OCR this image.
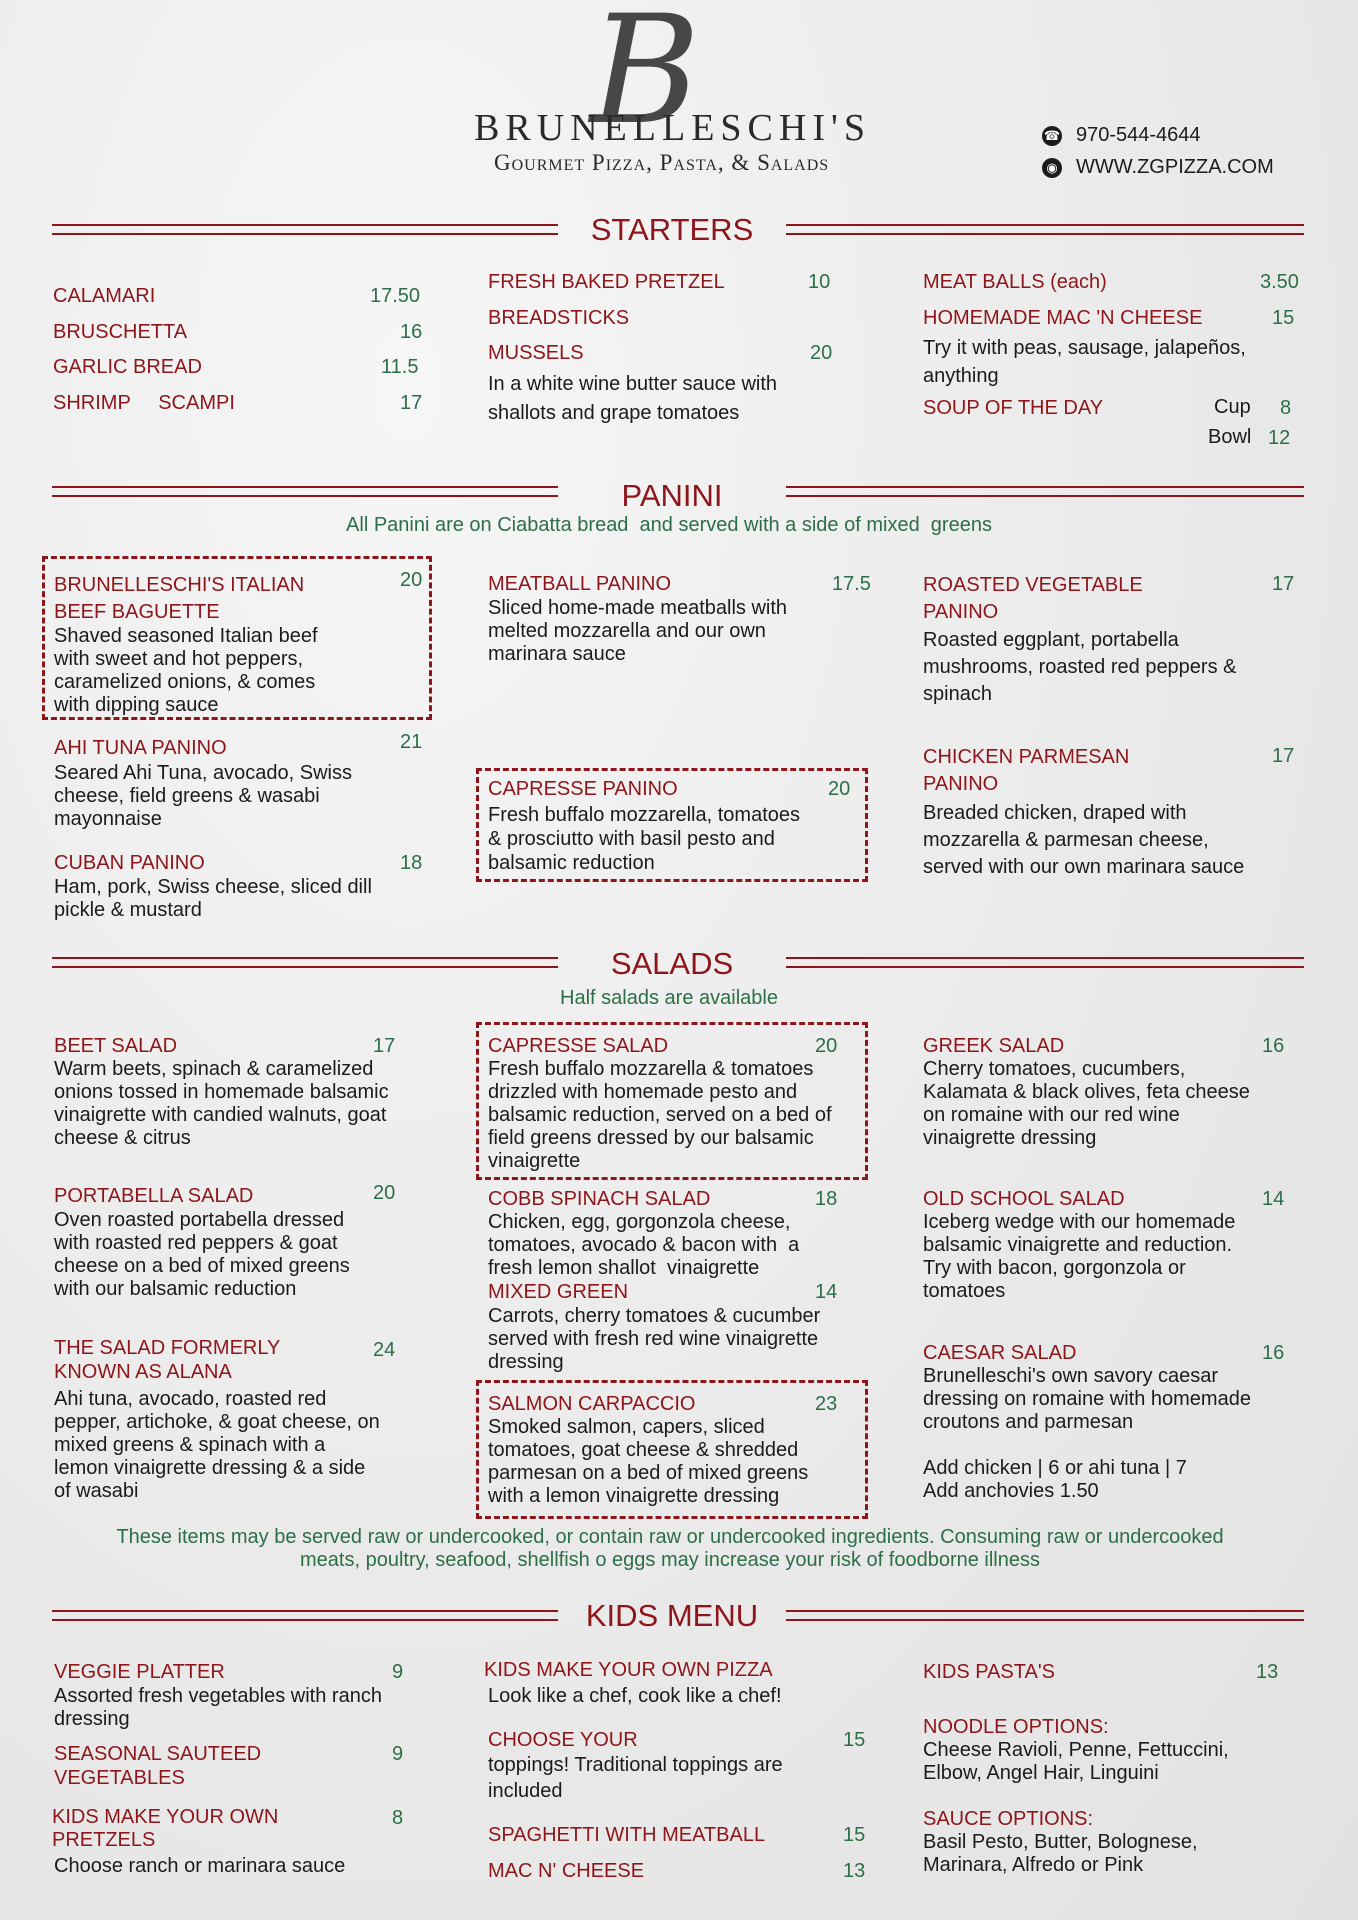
B
BRUNELLESCHI'S
Gourmet Pizza, Pasta, & Salads
☎ 970-544-4644
◉ WWW.ZGPIZZA.COM
STARTERS
CALAMARI	17.50
BRUSCHETTA	16
GARLIC BREAD	11.5
SHRIMP     SCAMPI	17
FRESH BAKED PRETZEL	10
BREADSTICKS
MUSSELS	20
In a white wine butter sauce with shallots and grape tomatoes
MEAT BALLS (each)	3.50
HOMEMADE MAC 'N CHEESE	15
Try it with peas, sausage, jalapeños, anything
SOUP OF THE DAY	Cup 8
Bowl 12
PANINI
All Panini are on Ciabatta bread  and served with a side of mixed  greens
BRUNELLESCHI'S ITALIAN BEEF BAGUETTE
20
Shaved seasoned Italian beef with sweet and hot peppers, caramelized onions, & comes with dipping sauce
AHI TUNA PANINO	21
Seared Ahi Tuna, avocado, Swiss cheese, field greens & wasabi mayonnaise
CUBAN PANINO	18
Ham, pork, Swiss cheese, sliced dill pickle & mustard
MEATBALL PANINO	17.5
Sliced home-made meatballs with melted mozzarella and our own marinara sauce
CAPRESSE PANINO	20
Fresh buffalo mozzarella, tomatoes & prosciutto with basil pesto and balsamic reduction
ROASTED VEGETABLE PANINO
17
Roasted eggplant, portabella mushrooms, roasted red peppers & spinach
CHICKEN PARMESAN PANINO
17
Breaded chicken, draped with mozzarella & parmesan cheese, served with our own marinara sauce
SALADS
Half salads are available
BEET SALAD	17
Warm beets, spinach & caramelized onions tossed in homemade balsamic vinaigrette with candied walnuts, goat cheese & citrus
PORTABELLA SALAD	20
Oven roasted portabella dressed with roasted red peppers & goat cheese on a bed of mixed greens with our balsamic reduction
THE SALAD FORMERLY KNOWN AS ALANA
24
Ahi tuna, avocado, roasted red pepper, artichoke, & goat cheese, on mixed greens & spinach with a lemon vinaigrette dressing & a side of wasabi
CAPRESSE SALAD	20
Fresh buffalo mozzarella & tomatoes drizzled with homemade pesto and balsamic reduction, served on a bed of field greens dressed by our balsamic vinaigrette
COBB SPINACH SALAD	18
Chicken, egg, gorgonzola cheese, tomatoes, avocado & bacon with  a fresh lemon shallot  vinaigrette
MIXED GREEN	14
Carrots, cherry tomatoes & cucumber served with fresh red wine vinaigrette dressing
SALMON CARPACCIO	23
Smoked salmon, capers, sliced tomatoes, goat cheese & shredded parmesan on a bed of mixed greens with a lemon vinaigrette dressing
GREEK SALAD	16
Cherry tomatoes, cucumbers, Kalamata & black olives, feta cheese on romaine with our red wine vinaigrette dressing
OLD SCHOOL SALAD	14
Iceberg wedge with our homemade balsamic vinaigrette and reduction. Try with bacon, gorgonzola or tomatoes
CAESAR SALAD	16
Brunelleschi's own savory caesar dressing on romaine with homemade croutons and parmesan
Add chicken | 6 or ahi tuna | 7
Add anchovies 1.50
These items may be served raw or undercooked, or contain raw or undercooked ingredients. Consuming raw or undercooked meats, poultry, seafood, shellfish o eggs may increase your risk of foodborne illness
KIDS MENU
VEGGIE PLATTER	9
Assorted fresh vegetables with ranch dressing
SEASONAL SAUTEED VEGETABLES
9
KIDS MAKE YOUR OWN PRETZELS
8
Choose ranch or marinara sauce
KIDS MAKE YOUR OWN PIZZA
Look like a chef, cook like a chef!
CHOOSE YOUR	15
toppings! Traditional toppings are included
SPAGHETTI WITH MEATBALL	15
MAC N' CHEESE	13
KIDS PASTA'S	13
NOODLE OPTIONS:
Cheese Ravioli, Penne, Fettuccini, Elbow, Angel Hair, Linguini
SAUCE OPTIONS:
Basil Pesto, Butter, Bolognese, Marinara, Alfredo or Pink
